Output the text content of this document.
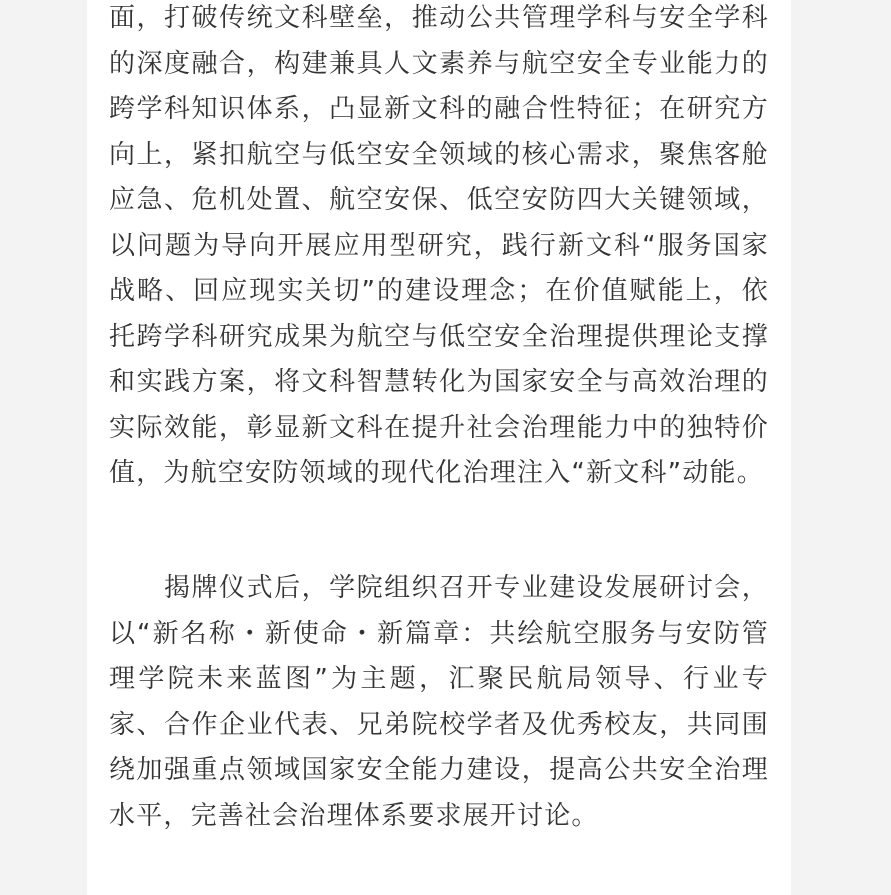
面，打破传统文科壁垒，推动公共管理学科与安全学科的深度融合，构建兼具人文素养与航空安全专业能力的跨学科知识体系，凸显新文科的融合性特征；在研究方向上，紧扣航空与低空安全领域的核心需求，聚焦客舱应急、危机处置、航空安保、低空安防四大关键领域，以问题为导向开展应用型研究，践行新文科“服务国家战略、回应现实关切”的建设理念；在价值赋能上，依托跨学科研究成果为航空与低空安全治理提供理论支撑和实践方案，将文科智慧转化为国家安全与高效治理的实际效能，彰显新文科在提升社会治理能力中的独特价值，为航空安防领域的现代化治理注入“新文科”动能。

　　揭牌仪式后，学院组织召开专业建设发展研讨会，以“新名称・新使命・新篇章：共绘航空服务与安防管理学院未来蓝图”为主题，汇聚民航局领导、行业专家、合作企业代表、兄弟院校学者及优秀校友，共同围绕加强重点领域国家安全能力建设，提高公共安全治理水平，完善社会治理体系要求展开讨论。
